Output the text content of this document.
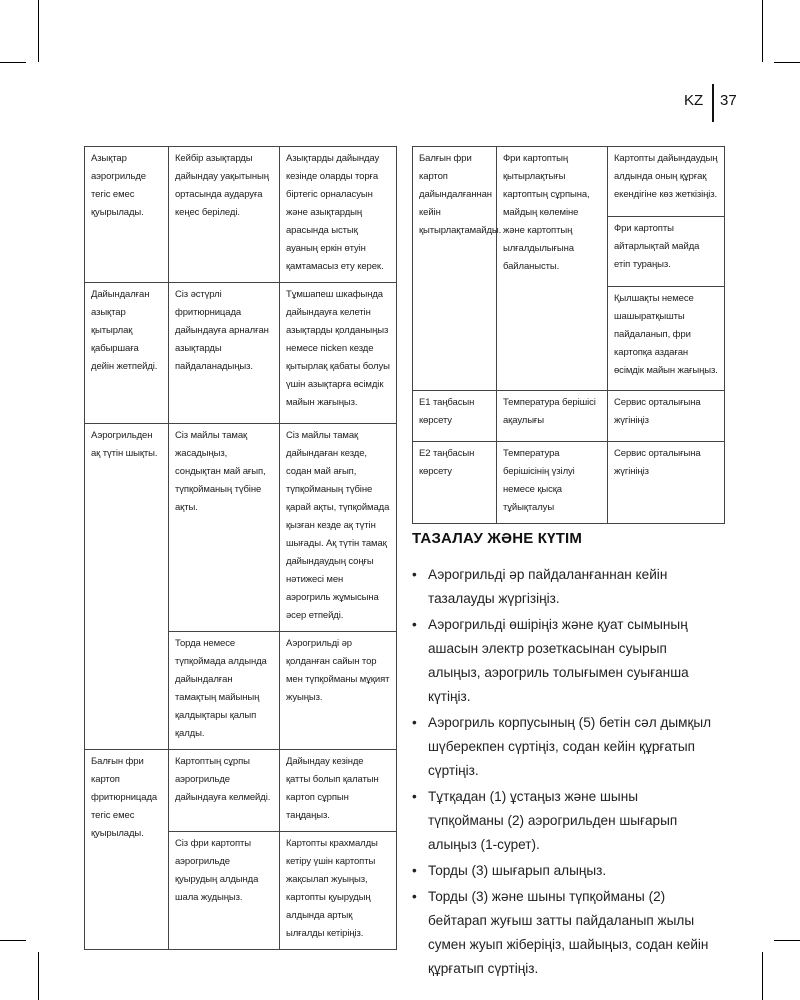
KZ 37
Азықтар аэрогрильде тегіс емес қуырылады.	Кейбір азықтарды дайындау уақытының ортасында аударуға кеңес беріледі.	Азықтарды дайындау кезінде оларды торға біртегіс орналасуын және азықтардың арасында ыстық ауаның еркін өтуін қамтамасыз ету керек.
Дайындалған азықтар қытырлақ қабыршаға дейін жетпейді.	Сіз әстүрлі фритюрницада дайындауға арналған азықтарды пайдаланадыңыз.	Тұмшапеш шкафында дайындауға келетін азықтарды қолданыңыз немесе пісken кезде қытырлақ қабаты болуы үшін азықтарға өсімдік майын жағыңыз.
Аэрогрильден ақ түтін шықты.	Сіз майлы тамақ жасадыңыз, сондықтан май ағып, түпқойманың түбіне ақты.	Сіз майлы тамақ дайындаған кезде, содан май ағып, түпқойманың түбіне қарай ақты, түпқоймада қызған кезде ақ түтін шығады. Ақ түтін тамақ дайындаудың соңғы нәтижесі мен аэрогриль жұмысына әсер етпейді.
	Торда немесе түпқоймада алдында дайындалған тамақтың майының қалдықтары қалып қалды.	Аэрогрильді әр қолданған сайын тор мен түпқойманы мұқият жуыңыз.
Балғын фри картоп фритюрницада тегіс емес қуырылады.	Картоптың сұрпы аэрогрильде дайындауға келмейді.	Дайындау кезінде қатты болып қалатын картоп сұрпын таңдаңыз.
	Сіз фри картопты аэрогрильде қуырудың алдында шала жудыңыз.	Картопты крахмалды кетіру үшін картопты жақсылап жуыңыз, картопты қуырудың алдында артық ылғалды кетіріңіз.
Балғын фри картоп дайындалғаннан кейін қытырлақтамайды.	Фри картоптың қытырлақтығы картоптың сұрпына, майдың көлеміне және картоптың ылғалдылығына байланысты.	Картопты дайындаудың алдында оның құрғақ екендігіне көз жеткізіңіз.
		Фри картопты айтарлықтай майда етіп тураңыз.
		Қылшақты немесе шашыратқышты пайдаланып, фри картопқа аздаған өсімдік майын жағыңыз.
E1 таңбасын көрсету	Температура берішісі ақаулығы	Сервис орталығына жүгініңіз
E2 таңбасын көрсету	Температура берішісінің үзілуі немесе қысқа тұйықталуы	Сервис орталығына жүгініңіз
ТАЗАЛАУ ЖӘНЕ КҮТІМ
• Аэрогрильді әр пайдаланғаннан кейін тазалауды жүргізіңіз.
• Аэрогрильді өшіріңіз және қуат сымының ашасын электр розеткасынан суырып алыңыз, аэрогриль толығымен суығанша күтіңіз.
• Аэрогриль корпусының (5) бетін сәл дымқыл шүберекпен сүртіңіз, содан кейін құрғатып сүртіңіз.
• Тұтқадан (1) ұстаңыз және шыны түпқойманы (2) аэрогрильден шығарып алыңыз (1-сурет).
• Торды (3) шығарып алыңыз.
• Торды (3) және шыны түпқойманы (2) бейтарап жуғыш затты пайдаланып жылы сумен жуып жіберіңіз, шайыңыз, содан кейін құрғатып сүртіңіз.
